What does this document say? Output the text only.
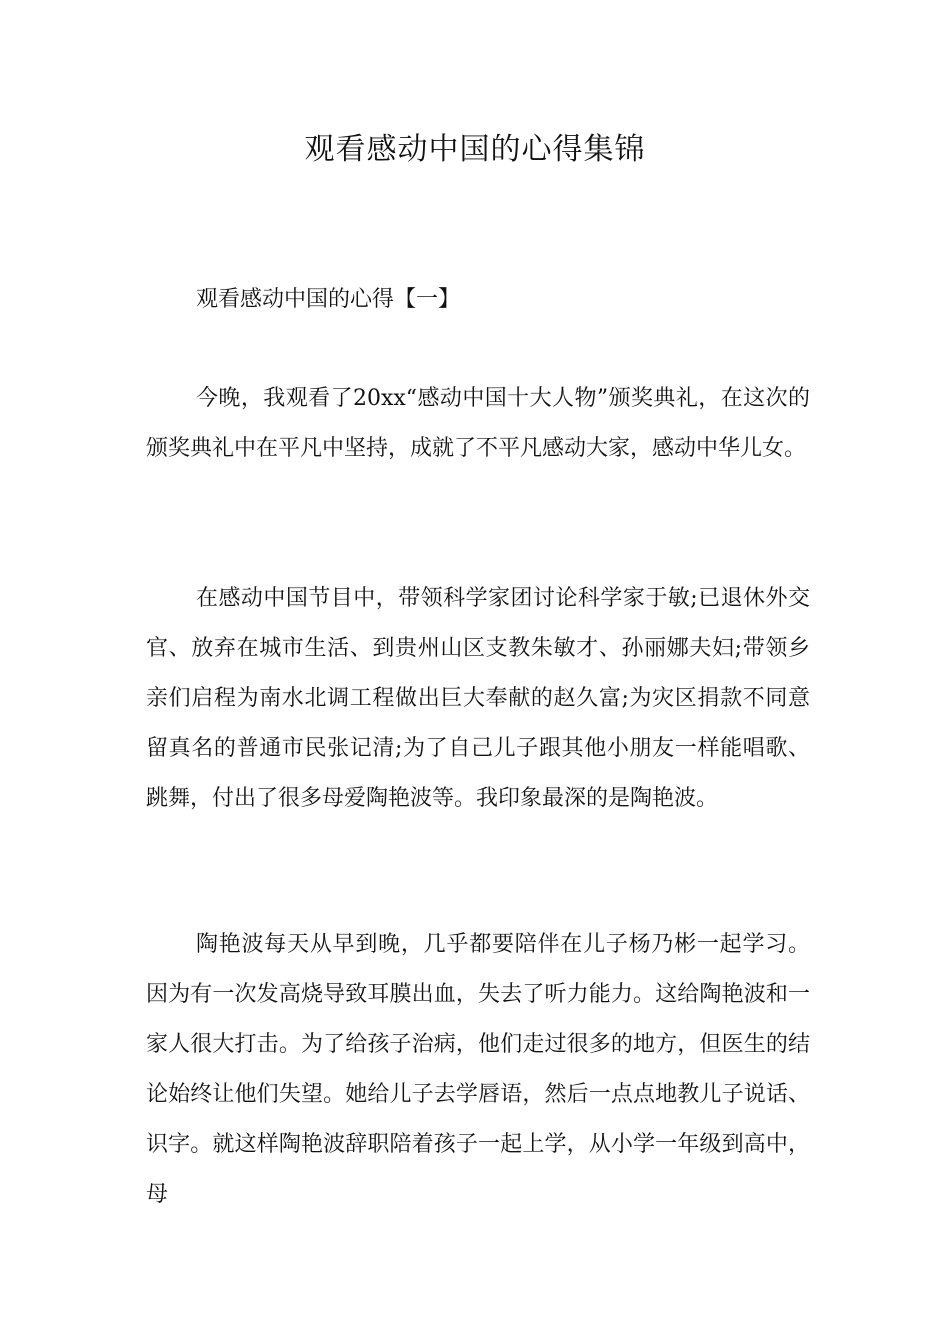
观看感动中国的心得集锦
观看感动中国的心得【一】

今晚，我观看了20xx“感动中国十大人物”颁奖典礼，在这次的颁奖典礼中在平凡中坚持，成就了不平凡感动大家，感动中华儿女。

在感动中国节目中，带领科学家团讨论科学家于敏;已退休外交官、放弃在城市生活、到贵州山区支教朱敏才、孙丽娜夫妇;带领乡亲们启程为南水北调工程做出巨大奉献的赵久富;为灾区捐款不同意留真名的普通市民张记清;为了自己儿子跟其他小朋友一样能唱歌、跳舞，付出了很多母爱陶艳波等。我印象最深的是陶艳波。

陶艳波每天从早到晚，几乎都要陪伴在儿子杨乃彬一起学习。因为有一次发高烧导致耳膜出血，失去了听力能力。这给陶艳波和一家人很大打击。为了给孩子治病，他们走过很多的地方，但医生的结论始终让他们失望。她给儿子去学唇语，然后一点点地教儿子说话、识字。就这样陶艳波辞职陪着孩子一起上学，从小学一年级到高中，母
